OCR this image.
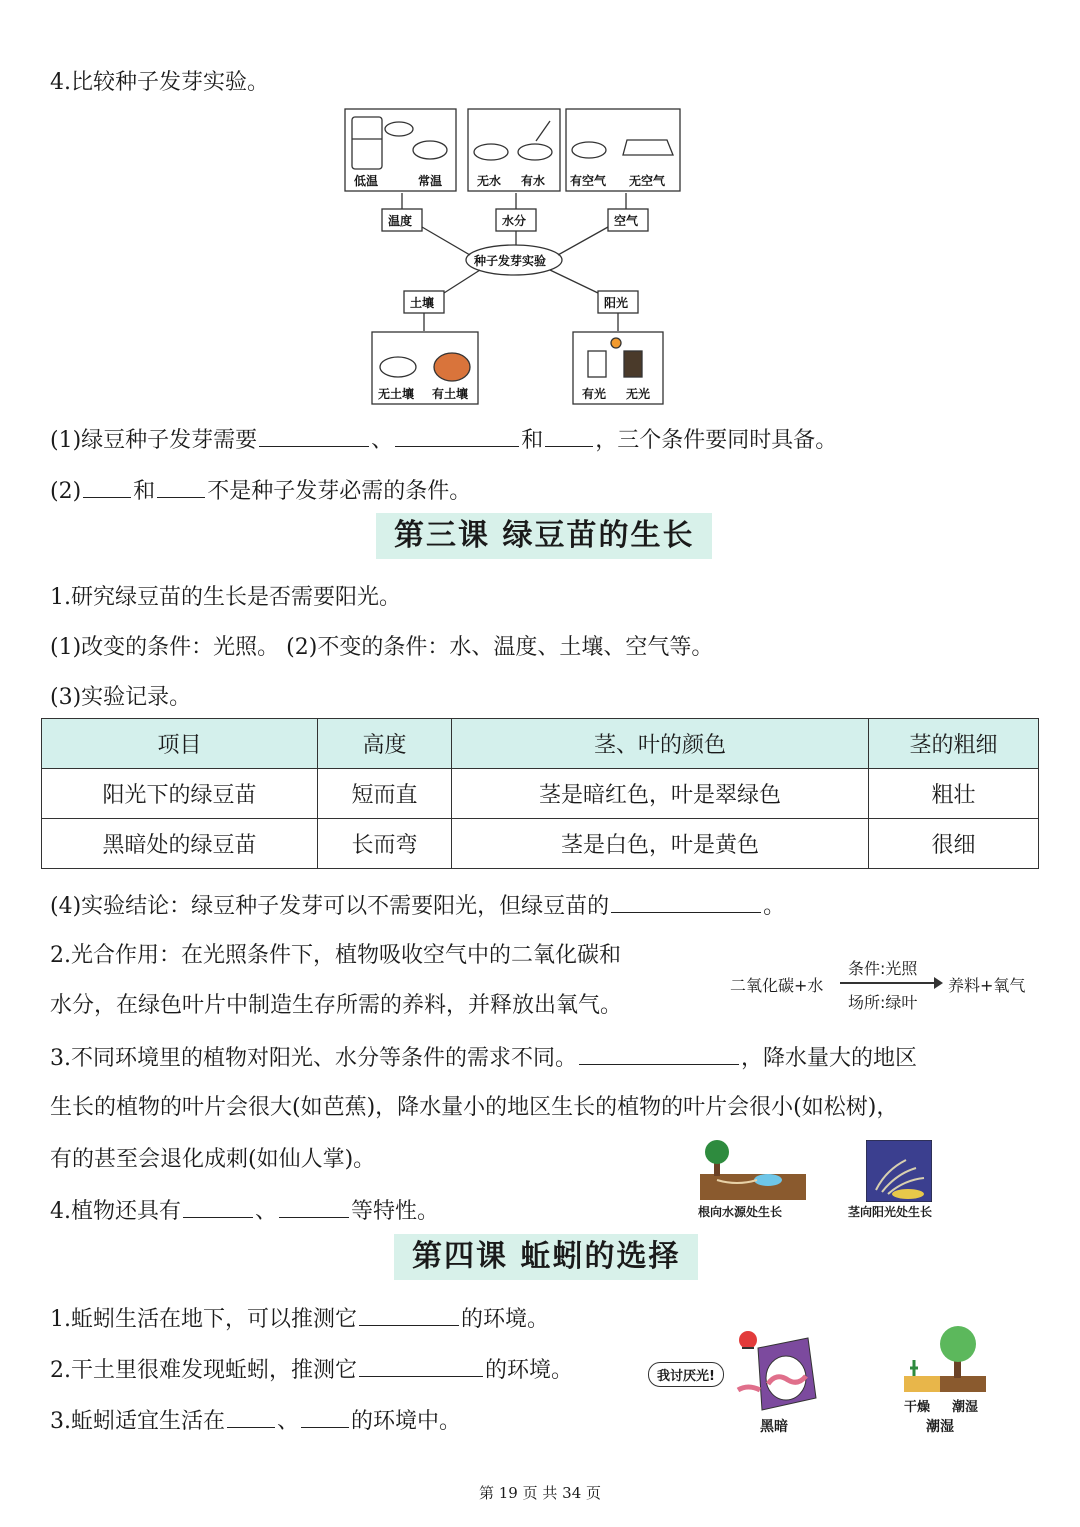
4.比较种子发芽实验。
低温	常温	无水 有水 有空气 无空气
温度	水分	空气
种子发芽实验
土壤	阳光
无土壤 有土壤	有光 无光
(1)绿豆种子发芽需要	、	和 ，三个条件要同时具备。
(2) 和 不是种子发芽必需的条件。
第三课 绿豆苗的生长
1.研究绿豆苗的生长是否需要阳光。
(1)改变的条件：光照。 (2)不变的条件：水、温度、土壤、空气等。
(3)实验记录。
项目	高度	茎、叶的颜色	茎的粗细
阳光下的绿豆苗	短而直	茎是暗红色，叶是翠绿色	粗壮
黑暗处的绿豆苗	长而弯	茎是白色，叶是黄色	很细
(4)实验结论：绿豆种子发芽可以不需要阳光，但绿豆苗的	。
2.光合作用：在光照条件下，植物吸收空气中的二氧化碳和
水分，在绿色叶片中制造生存所需的养料，并释放出氧气。
二氧化碳+水
条件:光照
场所:绿叶
养料+氧气
3.不同环境里的植物对阳光、水分等条件的需求不同。	，降水量大的地区
生长的植物的叶片会很大(如芭蕉)，降水量小的地区生长的植物的叶片会很小(如松树)，
有的甚至会退化成刺(如仙人掌)。
4.植物还具有	、	等特性。	根向水源处生长	茎向阳光处生长
第四课 蚯蚓的选择
1.蚯蚓生活在地下，可以推测它	的环境。
2.干土里很难发现蚯蚓，推测它	的环境。
3.蚯蚓适宜生活在 、 的环境中。
我讨厌光!
黑暗
干燥 潮湿
潮湿
第 19 页 共 34 页
